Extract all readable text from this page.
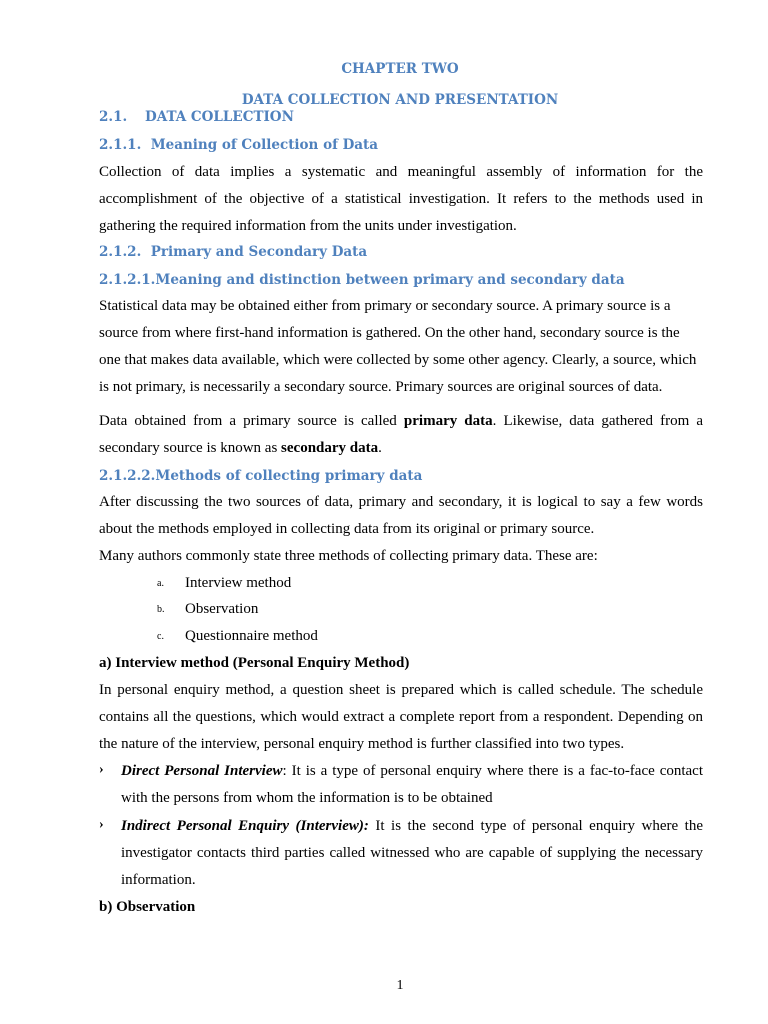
CHAPTER TWO
DATA COLLECTION AND PRESENTATION
2.1. DATA COLLECTION
2.1.1. Meaning of Collection of Data
Collection of data implies a systematic and meaningful assembly of information for the accomplishment of the objective of a statistical investigation. It refers to the methods used in gathering the required information from the units under investigation.
2.1.2. Primary and Secondary Data
2.1.2.1.Meaning and distinction between primary and secondary data
Statistical data may be obtained either from primary or secondary source. A primary source is a source from where first-hand information is gathered. On the other hand, secondary source is the one that makes data available, which were collected by some other agency. Clearly, a source, which is not primary, is necessarily a secondary source. Primary sources are original sources of data.
Data obtained from a primary source is called primary data. Likewise, data gathered from a secondary source is known as secondary data.
2.1.2.2.Methods of collecting primary data
After discussing the two sources of data, primary and secondary, it is logical to say a few words about the methods employed in collecting data from its original or primary source.
Many authors commonly state three methods of collecting primary data. These are:
a. Interview method
b. Observation
c. Questionnaire method
a) Interview method (Personal Enquiry Method)
In personal enquiry method, a question sheet is prepared which is called schedule. The schedule contains all the questions, which would extract a complete report from a respondent. Depending on the nature of the interview, personal enquiry method is further classified into two types.
› Direct Personal Interview: It is a type of personal enquiry where there is a fac-to-face contact with the persons from whom the information is to be obtained
› Indirect Personal Enquiry (Interview): It is the second type of personal enquiry where the investigator contacts third parties called witnessed who are capable of supplying the necessary information.
b) Observation
1
